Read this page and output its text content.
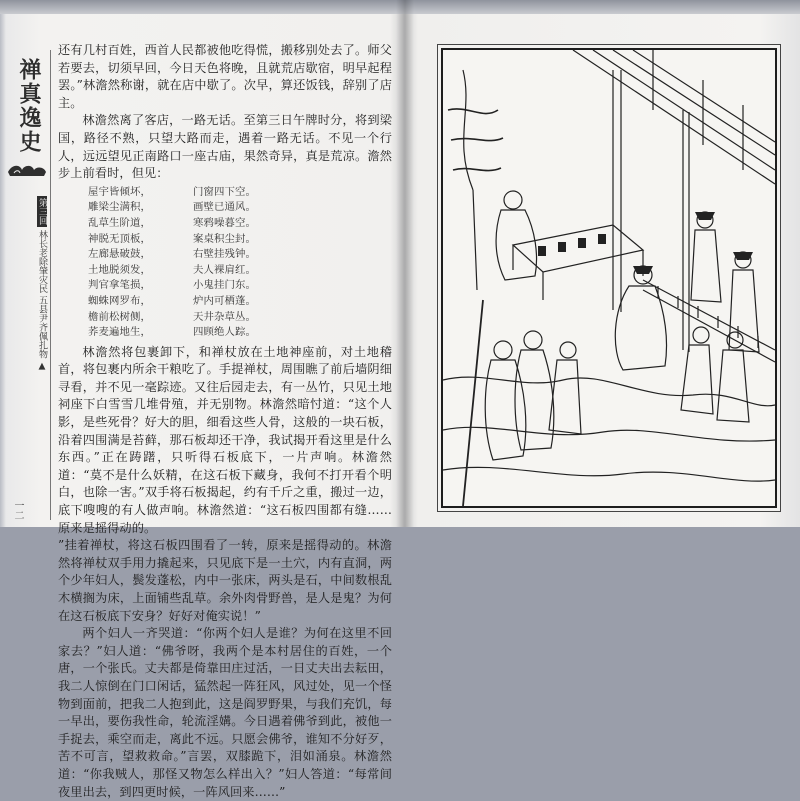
禅真逸史
第三回 林长老除肇灾民 五县尹齐佩扎物 ▲
一二

还有几村百姓，西首人民都被他吃得慌，搬移别处去了。师父若要去，切须早回，今日天色将晚，且就荒店歇宿，明早起程罢。”林澹然称谢，就在店中歇了。次早，算还饭钱，辞别了店主。

林澹然离了客店，一路无话。至第三日午牌时分，将到梁国，路径不熟，只望大路而走，遇着一路无话。不见一个行人，远远望见正南路口一座古庙，果然奇异，真是荒凉。澹然步上前看时，但见：

屋宇皆倾坏，	门窗四下空。
雕梁尘满积，	画壁已通风。
乱草生阶道，	寒鸦噪暮空。
神脱无顶板，	案桌积尘封。
左廊悬破鼓，	右壁挂残钟。
土地脱须发，	夫人裸肩红。
判官拿笔损，	小鬼挂门东。
蜘蛛网罗布，	炉内可栖蓬。
檐前松树侧，	天井杂草丛。
荞麦遍地生，	四顾绝人踪。

林澹然将包裹卸下，和禅杖放在土地神座前，对土地稽首，将包裹内所余干粮吃了。手提禅杖，周围瞧了前后墙阴细寻看，并不见一毫踪迹。又往后园走去，有一丛竹，只见土地祠座下白雪雪几堆骨殖，并无别物。林澹然暗忖道：“这个人影，是些死骨？好大的胆，细看这些人骨，这般的一块石板，沿着四围满是苔藓，那石板却还干净，我试揭开看这里是什么东西。”正在踌躇，只听得石板底下，一片声响。林澹然道：“莫不是什么妖精，在这石板下藏身，我何不打开看个明白，也除一害。”双手将石板揭起，约有千斤之重，搬过一边，底下嗖嗖的有人做声响。林澹然道：“这石板四围都有缝……原来是摇得动的。

”挂着禅杖，将这石板四围看了一转，原来是摇得动的。林澹然将禅杖双手用力撬起来，只见底下是一土穴，内有直洞，两个少年妇人，鬓发蓬松，内中一张床，两头是石，中间数根乱木横搁为床，上面铺些乱草。余外肉骨野兽，是人是鬼？为何在这石板底下安身？好好对俺实说！”

两个妇人一齐哭道：“你两个妇人是谁？为何在这里不回家去？”妇人道：“佛爷呀，我两个是本村居住的百姓，一个唐，一个张氏。丈夫都是倚靠田庄过活，一日丈夫出去耘田，我二人惊倒在门口闲话，猛然起一阵狂风，风过处，见一个怪物到面前，把我二人抱到此，这是阎罗野果，与我们充饥，每一早出，要伤我性命，轮流淫媾。今日遇着佛爷到此，被他一手捉去，乘空而走，离此不远。只愿会佛爷，谁知不分好歹，苦不可言，望救救命。”言罢，双膝跪下，泪如涌泉。林澹然道：“你我贼人，那怪又物怎么样出入？”妇人答道：“每常间夜里出去，到四更时候，一阵风回来……”
